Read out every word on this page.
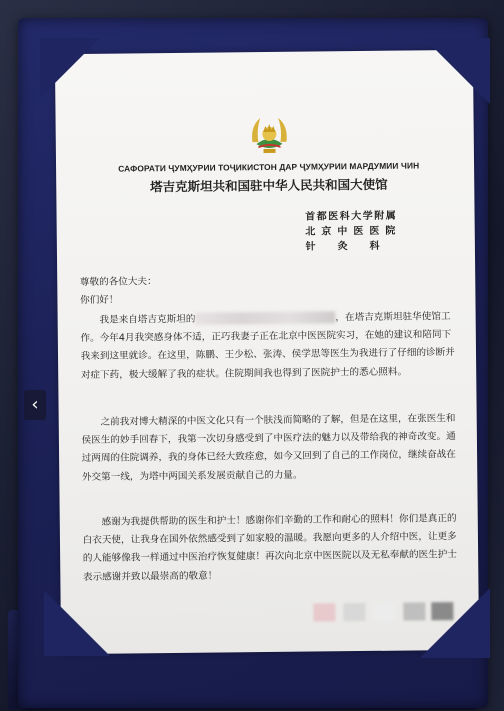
САФОРАТИ ҶУМҲУРИИ ТОҶИКИСТОН ДАР ҶУМҲУРИИ МАРДУМИИ ЧИН
塔吉克斯坦共和国驻中华人民共和国大使馆
首都医科大学附属
北京中医医院
针灸科
尊敬的各位大夫：
你们好！
我是来自塔吉克斯坦的	，在塔吉克斯坦驻华使馆工作。今年4月我突感身体不适，正巧我妻子正在北京中医医院实习，在她的建议和陪同下我来到这里就诊。在这里，陈鹏、王少松、张涛、侯学思等医生为我进行了仔细的诊断并对症下药，极大缓解了我的症状。住院期间我也得到了医院护士的悉心照料。
之前我对博大精深的中医文化只有一个肤浅而简略的了解，但是在这里，在张医生和侯医生的妙手回春下，我第一次切身感受到了中医疗法的魅力以及带给我的神奇改变。通过两周的住院调养，我的身体已经大致痊愈，如今又回到了自己的工作岗位，继续奋战在外交第一线，为塔中两国关系发展贡献自己的力量。
感谢为我提供帮助的医生和护士！感谢你们辛勤的工作和耐心的照料！你们是真正的白衣天使，让我身在国外依然感受到了如家般的温暖。我愿向更多的人介绍中医，让更多的人能够像我一样通过中医治疗恢复健康！再次向北京中医医院以及无私奉献的医生护士表示感谢并致以最崇高的敬意！
‹
